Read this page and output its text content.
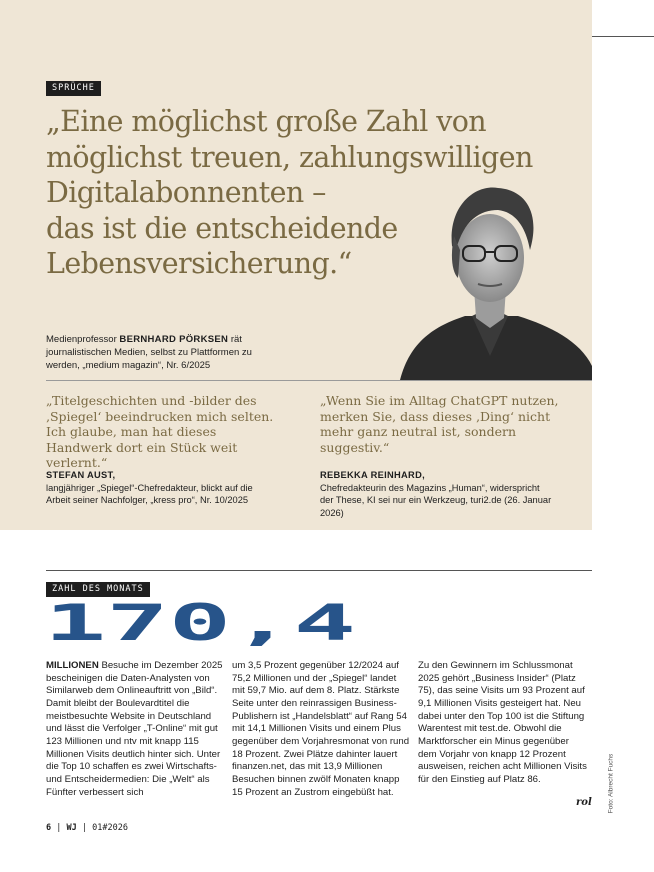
SPRÜCHE

„Eine möglichst große Zahl von
möglichst treuen, zahlungswilligen
Digitalabonnenten –
das ist die entscheidende
Lebensversicherung.“

Medienprofessor BERNHARD PÖRKSEN rät journalistischen Medien, selbst zu Plattformen zu werden, „medium magazin“, Nr. 6/2025

„Titelgeschichten und -bilder des ‚Spiegel‘ beeindrucken mich selten. Ich glaube, man hat dieses Handwerk dort ein Stück weit verlernt.“

STEFAN AUST,
langjähriger „Spiegel“-Chefredakteur, blickt auf die Arbeit seiner Nachfolger, „kress pro“, Nr. 10/2025

„Wenn Sie im Alltag ChatGPT nutzen, merken Sie, dass dieses ‚Ding‘ nicht mehr ganz neutral ist, sondern suggestiv.“

REBEKKA REINHARD,
Chefredakteurin des Magazins „Human“, widerspricht der These, KI sei nur ein Werkzeug, turi2.de (26. Januar 2026)
ZAHL DES MONATS
170,4

MILLIONEN Besuche im Dezember 2025 bescheinigen die Daten-Analysten von Similarweb dem Onlineauftritt von „Bild“. Damit bleibt der Boulevardtitel die meistbesuchte Website in Deutschland und lässt die Verfolger „T-Online“ mit gut 123 Millionen und ntv mit knapp 115 Millionen Visits deutlich hinter sich. Unter die Top 10 schaffen es zwei Wirtschafts- und Entscheidermedien: Die „Welt“ als Fünfter verbessert sich

um 3,5 Prozent gegenüber 12/2024 auf 75,2 Millionen und der „Spiegel“ landet mit 59,7 Mio. auf dem 8. Platz. Stärkste Seite unter den reinrassigen Business-Publishern ist „Handelsblatt“ auf Rang 54 mit 14,1 Millionen Visits und einem Plus gegenüber dem Vorjahresmonat von rund 18 Prozent. Zwei Plätze dahinter lauert finanzen.net, das mit 13,9 Millionen Besuchen binnen zwölf Monaten knapp 15 Prozent an Zustrom eingebüßt hat.

Zu den Gewinnern im Schlussmonat 2025 gehört „Business Insider“ (Platz 75), das seine Visits um 93 Prozent auf 9,1 Millionen Visits gesteigert hat. Neu dabei unter den Top 100 ist die Stiftung Warentest mit test.de. Obwohl die Marktforscher ein Minus gegenüber dem Vorjahr von knapp 12 Prozent ausweisen, reichen acht Millionen Visits für den Einstieg auf Platz 86.

rol Foto: Albrecht Fuchs
6 | WJ | 01#2026
